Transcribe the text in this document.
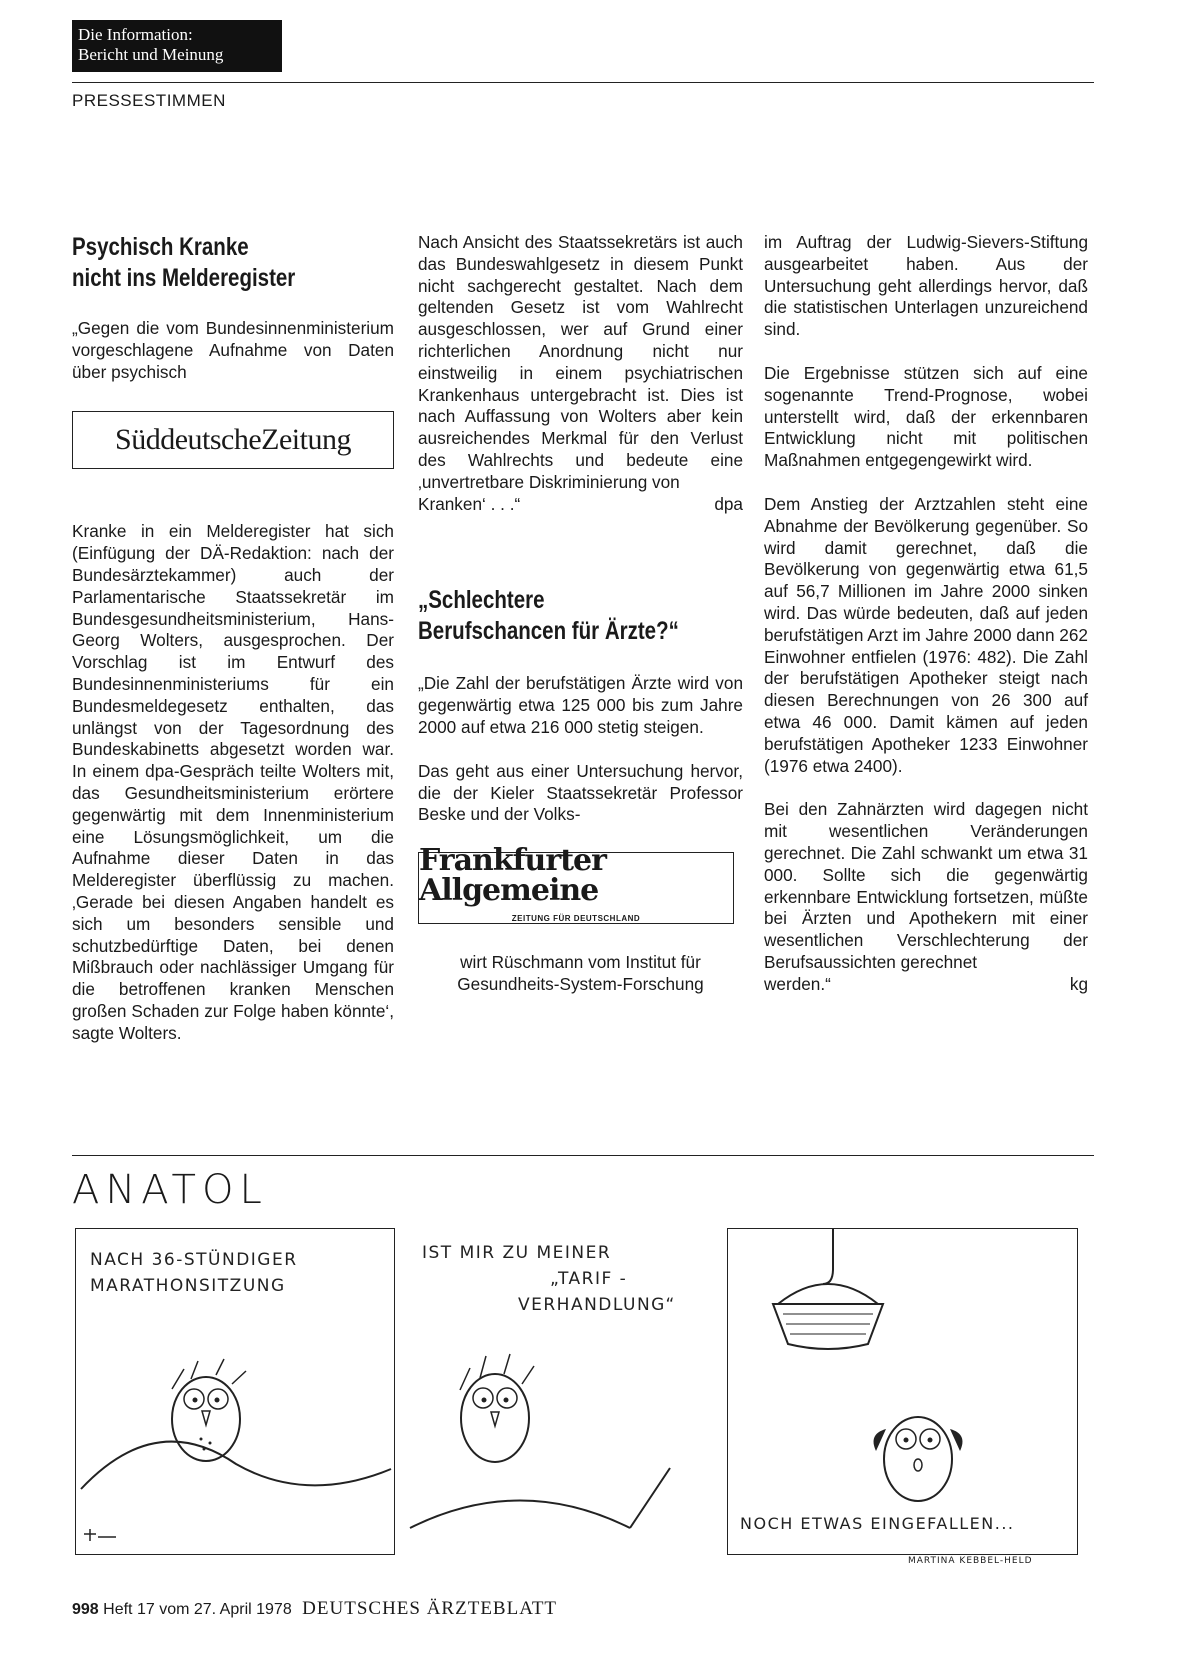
Die Information:
Bericht und Meinung
PRESSESTIMMEN
Psychisch Kranke
nicht ins Melderegister

„Gegen die vom Bundesinnenministerium vorgeschlagene Aufnahme von Daten über psychisch

SüddeutscheZeitung

Kranke in ein Melderegister hat sich (Einfügung der DÄ-Redaktion: nach der Bundesärztekammer) auch der Parlamentarische Staatssekretär im Bundesgesundheitsministerium, Hans-Georg Wolters, ausgesprochen. Der Vorschlag ist im Entwurf des Bundesinnenministeriums für ein Bundesmeldegesetz enthalten, das unlängst von der Tagesordnung des Bundeskabinetts abgesetzt worden war. In einem dpa-Gespräch teilte Wolters mit, das Gesundheitsministerium erörtere gegenwärtig mit dem Innenministerium eine Lösungsmöglichkeit, um die Aufnahme dieser Daten in das Melderegister überflüssig zu machen. ‚Gerade bei diesen Angaben handelt es sich um besonders sensible und schutzbedürftige Daten, bei denen Mißbrauch oder nachlässiger Umgang für die betroffenen kranken Menschen großen Schaden zur Folge haben könnte‘, sagte Wolters.

Nach Ansicht des Staatssekretärs ist auch das Bundeswahlgesetz in diesem Punkt nicht sachgerecht gestaltet. Nach dem geltenden Gesetz ist vom Wahlrecht ausgeschlossen, wer auf Grund einer richterlichen Anordnung nicht nur einstweilig in einem psychiatrischen Krankenhaus untergebracht ist. Dies ist nach Auffassung von Wolters aber kein ausreichendes Merkmal für den Verlust des Wahlrechts und bedeute eine ‚unvertretbare Diskriminierung von
Kranken‘ . . .“	dpa
„Schlechtere
Berufschancen für Ärzte?“

„Die Zahl der berufstätigen Ärzte wird von gegenwärtig etwa 125 000 bis zum Jahre 2000 auf etwa 216 000 stetig steigen.

Das geht aus einer Untersuchung hervor, die der Kieler Staatssekretär Professor Beske und der Volks-

Frankfurter Allgemeine
ZEITUNG FÜR DEUTSCHLAND

wirt Rüschmann vom Institut für Gesundheits-System-Forschung

im Auftrag der Ludwig-Sievers-Stiftung ausgearbeitet haben. Aus der Untersuchung geht allerdings hervor, daß die statistischen Unterlagen unzureichend sind.

Die Ergebnisse stützen sich auf eine sogenannte Trend-Prognose, wobei unterstellt wird, daß der erkennbaren Entwicklung nicht mit politischen Maßnahmen entgegengewirkt wird.

Dem Anstieg der Arztzahlen steht eine Abnahme der Bevölkerung gegenüber. So wird damit gerechnet, daß die Bevölkerung von gegenwärtig etwa 61,5 auf 56,7 Millionen im Jahre 2000 sinken wird. Das würde bedeuten, daß auf jeden berufstätigen Arzt im Jahre 2000 dann 262 Einwohner entfielen (1976: 482). Die Zahl der berufstätigen Apotheker steigt nach diesen Berechnungen von 26 300 auf etwa 46 000. Damit kämen auf jeden berufstätigen Apotheker 1233 Einwohner (1976 etwa 2400).

Bei den Zahnärzten wird dagegen nicht mit wesentlichen Veränderungen gerechnet. Die Zahl schwankt um etwa 31 000. Sollte sich die gegenwärtig erkennbare Entwicklung fortsetzen, müßte bei Ärzten und Apothekern mit einer wesentlichen Verschlechterung der Berufsaussichten gerechnet
werden.“	kg
ANATOL
NACH 36-STÜNDIGER
MARATHONSITZUNG
IST MIR ZU MEINER
„TARIF -
VERHANDLUNG“
NOCH ETWAS EINGEFALLEN...
MARTINA KEBBEL-HELD
998 Heft 17 vom 27. April 1978 DEUTSCHES ÄRZTEBLATT
